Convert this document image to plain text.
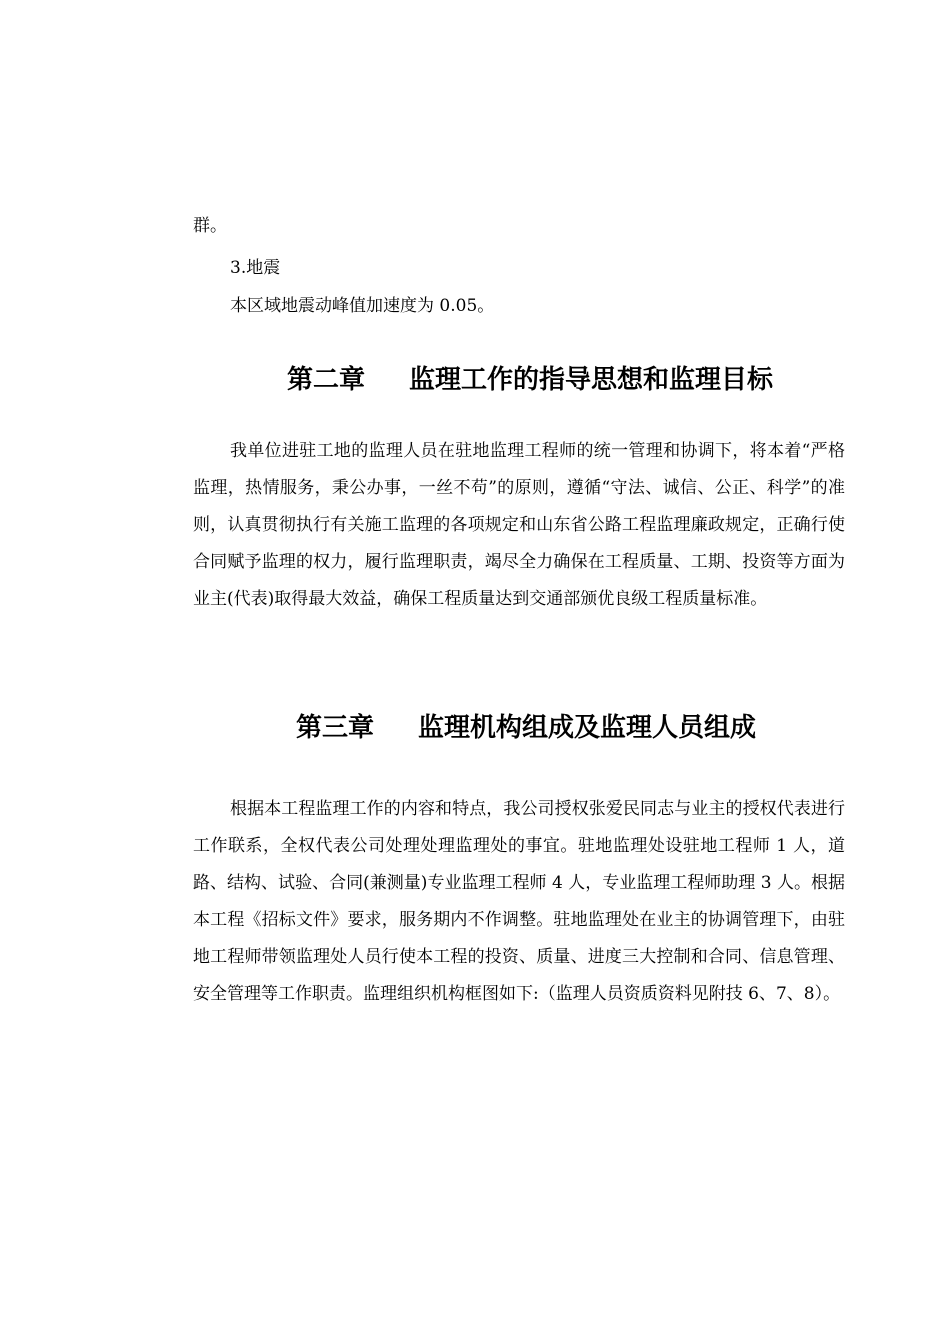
群。
3.地震
本区域地震动峰值加速度为 0.05。
第二章 监理工作的指导思想和监理目标
我单位进驻工地的监理人员在驻地监理工程师的统一管理和协调下，将本着“严格监理，热情服务，秉公办事，一丝不苟”的原则，遵循“守法、诚信、公正、科学”的准则，认真贯彻执行有关施工监理的各项规定和山东省公路工程监理廉政规定，正确行使合同赋予监理的权力，履行监理职责，竭尽全力确保在工程质量、工期、投资等方面为业主(代表)取得最大效益，确保工程质量达到交通部颁优良级工程质量标准。
第三章 监理机构组成及监理人员组成
根据本工程监理工作的内容和特点，我公司授权张爱民同志与业主的授权代表进行工作联系，全权代表公司处理处理监理处的事宜。驻地监理处设驻地工程师 1 人，道路、结构、试验、合同(兼测量)专业监理工程师 4 人，专业监理工程师助理 3 人。根据本工程《招标文件》要求，服务期内不作调整。驻地监理处在业主的协调管理下，由驻地工程师带领监理处人员行使本工程的投资、质量、进度三大控制和合同、信息管理、安全管理等工作职责。监理组织机构框图如下:（监理人员资质资料见附技 6、7、8）。
